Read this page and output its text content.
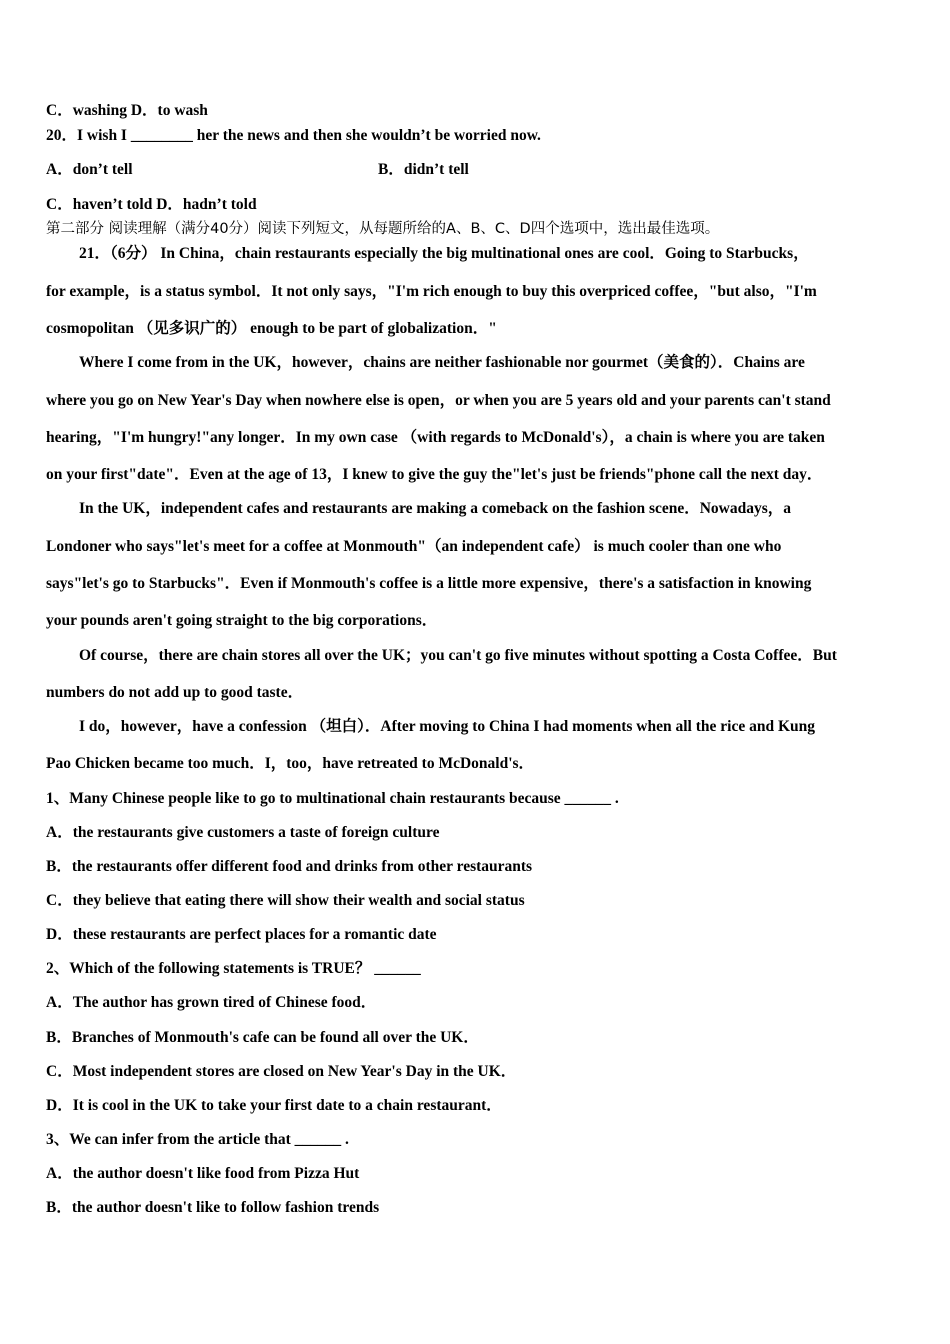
C．washing D．to wash
20．I wish I ________ her the news and then she wouldn’t be worried now.
A．don’t tell	B．didn’t tell
C．haven’t told D．hadn’t told
第二部分 阅读理解（满分40分）阅读下列短文，从每题所给的A、B、C、D四个选项中，选出最佳选项。
21．（6分） In China，chain restaurants especially the big multinational ones are cool．Going to Starbucks，
for example，is a status symbol．It not only says，"I'm rich enough to buy this overpriced coffee，"but also，"I'm
cosmopolitan （见多识广的） enough to be part of globalization．"
Where I come from in the UK，however，chains are neither fashionable nor gourmet（美食的）．Chains are
where you go on New Year's Day when nowhere else is open，or when you are 5 years old and your parents can't stand
hearing，"I'm hungry!"any longer．In my own case （with regards to McDonald's），a chain is where you are taken
on your first"date"．Even at the age of 13，I knew to give the guy the"let's just be friends"phone call the next day．
In the UK，independent cafes and restaurants are making a comeback on the fashion scene．Nowadays，a
Londoner who says"let's meet for a coffee at Monmouth"（an independent cafe） is much cooler than one who
says"let's go to Starbucks"．Even if Monmouth's coffee is a little more expensive，there's a satisfaction in knowing
your pounds aren't going straight to the big corporations．
Of course，there are chain stores all over the UK；you can't go five minutes without spotting a Costa Coffee．But
numbers do not add up to good taste．
I do，however，have a confession （坦白）．After moving to China I had moments when all the rice and Kung
Pao Chicken became too much．I，too，have retreated to McDonald's．
1、Many Chinese people like to go to multinational chain restaurants because ______ .
A．the restaurants give customers a taste of foreign culture
B．the restaurants offer different food and drinks from other restaurants
C．they believe that eating there will show their wealth and social status
D．these restaurants are perfect places for a romantic date
2、Which of the following statements is TRUE？ ______
A．The author has grown tired of Chinese food．
B．Branches of Monmouth's cafe can be found all over the UK．
C．Most independent stores are closed on New Year's Day in the UK．
D．It is cool in the UK to take your first date to a chain restaurant．
3、We can infer from the article that ______ .
A．the author doesn't like food from Pizza Hut
B．the author doesn't like to follow fashion trends
